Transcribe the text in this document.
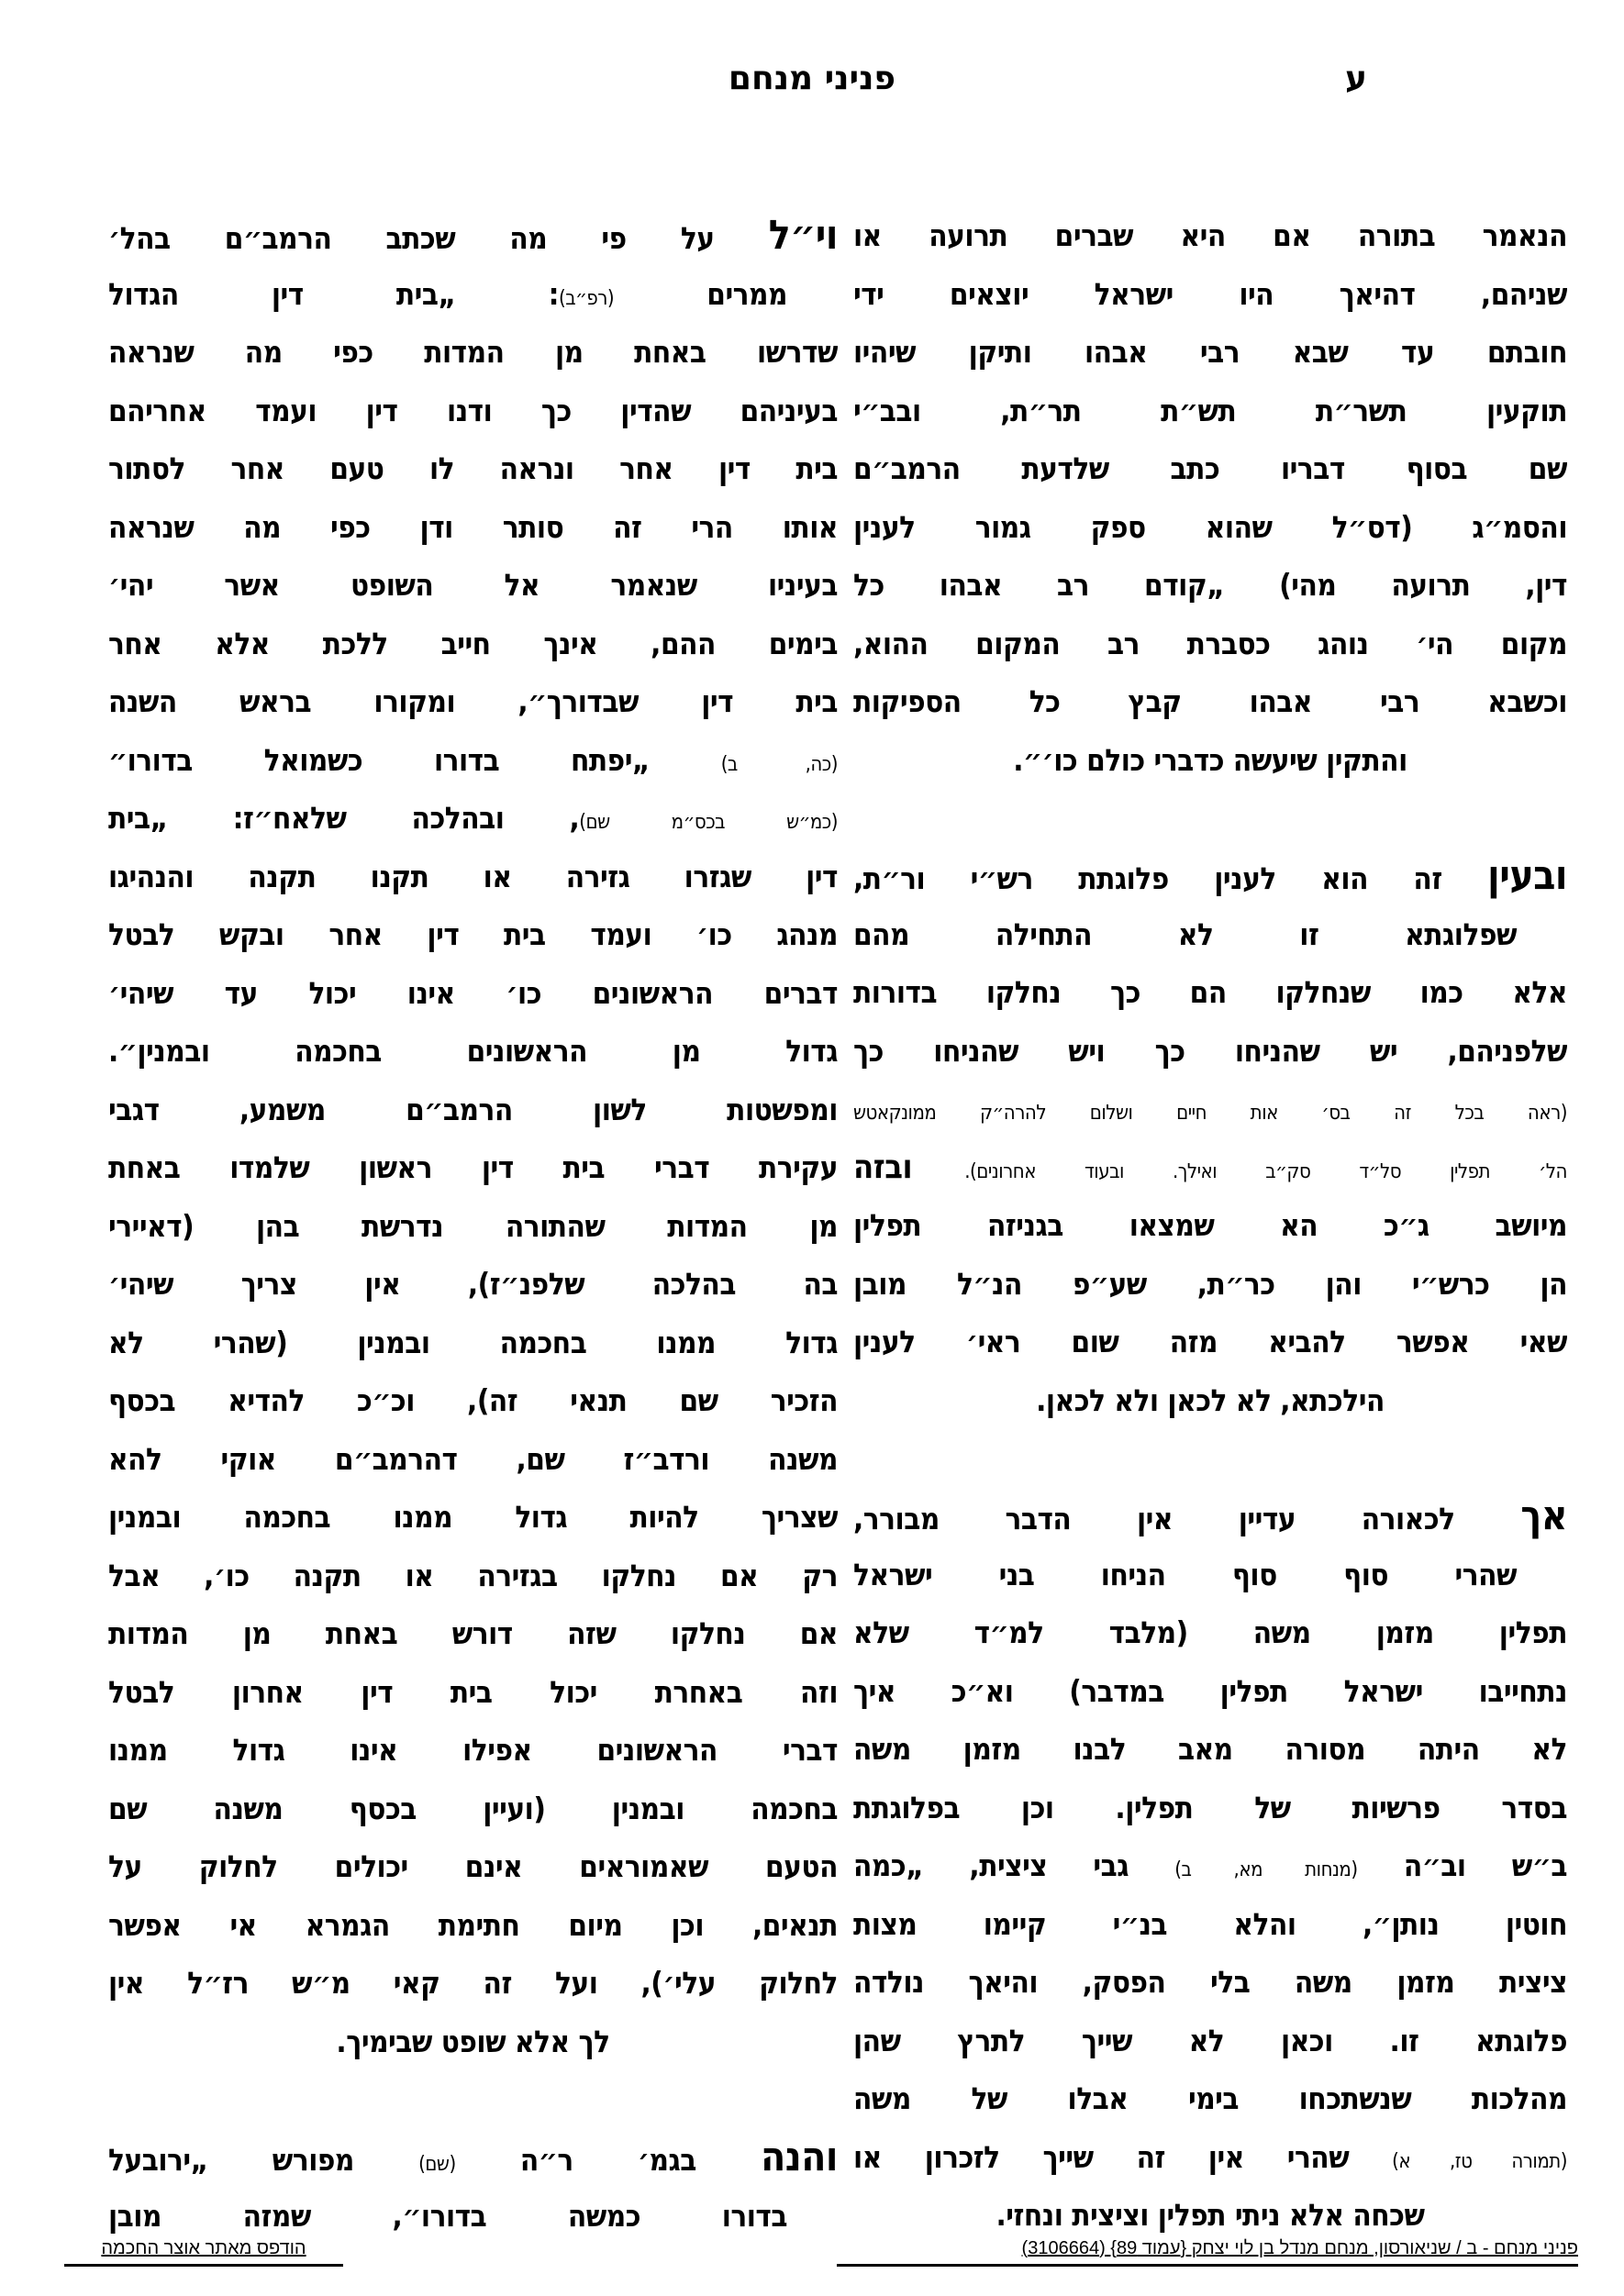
פניני מנחם	ע
הנאמר בתורה אם היא שברים תרועה או
שניהם, דהיאך היו ישראל יוצאים ידי
חובתם עד שבא רבי אבהו ותיקן שיהיו
תוקעין תשר״ת תש״ת תר״ת, ובב״י
שם בסוף דבריו כתב שלדעת הרמב״ם
והסמ״ג (דס״ל שהוא ספק גמור לענין
דין, תרועה מהי) „קודם רב אבהו כל
מקום הי׳ נוהג כסברת רב המקום ההוא,
וכשבא רבי אבהו קבץ כל הספיקות
והתקין שיעשה כדברי כולם כו׳״.
ובעין זה הוא לענין פלוגתת רש״י ור״ת,
שפלוגתא זו לא התחילה מהם
אלא כמו שנחלקו הם כך נחלקו בדורות
שלפניהם, יש שהניחו כך ויש שהניחו כך
(ראה בכל זה בס׳ אות חיים ושלום להרה״ק ממונקאטש
הל׳ תפלין סל״ד סק״ב ואילך. ובעוד אחרונים). ובזה
מיושב ג״כ הא שמצאו בגניזה תפלין
הן כרש״י והן כר״ת, שע״פ הנ״ל מובן
שאי אפשר להביא מזה שום ראי׳ לענין
הילכתא, לא לכאן ולא לכאן.
אך לכאורה עדיין אין הדבר מבורר,
שהרי סוף סוף הניחו בני ישראל
תפלין מזמן משה (מלבד למ״ד שלא
נתחייבו ישראל תפלין במדבר) וא״כ איך
לא היתה מסורה מאב לבנו מזמן משה
בסדר פרשיות של תפלין. וכן בפלוגתת
ב״ש וב״ה (מנחות מא, ב) גבי ציצית, „כמה
חוטין נותן״, והלא בנ״י קיימו מצות
ציצית מזמן משה בלי הפסק, והיאך נולדה
פלוגתא זו. וכאן לא שייך לתרץ שהן
מהלכות שנשתכחו בימי אבלו של משה
(תמורה טז, א) שהרי אין זה שייך לזכרון או
שכחה אלא ניתי תפלין וציצית ונחזי.
וי״ל על פי מה שכתב הרמב״ם בהל׳
ממרים (רפ״ב): „בית דין הגדול
שדרשו באחת מן המדות כפי מה שנראה
בעיניהם שהדין כך ודנו דין ועמד אחריהם
בית דין אחר ונראה לו טעם אחר לסתור
אותו הרי זה סותר ודן כפי מה שנראה
בעיניו שנאמר אל השופט אשר יהי׳
בימים ההם, אינך חייב ללכת אלא אחר
בית דין שבדורך״, ומקורו בראש השנה
(כה, ב) „יפתח בדורו כשמואל בדורו״
(כמ״ש בכס״מ שם), ובהלכה שלאח״ז: „בית
דין שגזרו גזירה או תקנו תקנה והנהיגו
מנהג כו׳ ועמד בית דין אחר ובקש לבטל
דברים הראשונים כו׳ אינו יכול עד שיהי׳
גדול מן הראשונים בחכמה ובמנין״.
ומפשטות לשון הרמב״ם משמע, דגבי
עקירת דברי בית דין ראשון שלמדו באחת
מן המדות שהתורה נדרשת בהן (דאיירי
בה בהלכה שלפנ״ז), אין צריך שיהי׳
גדול ממנו בחכמה ובמנין (שהרי לא
הזכיר שם תנאי זה), וכ״כ להדיא בכסף
משנה ורדב״ז שם, דהרמב״ם אוקי להא
שצריך להיות גדול ממנו בחכמה ובמנין
רק אם נחלקו בגזירה או תקנה כו׳, אבל
אם נחלקו שזה דורש באחת מן המדות
וזה באחרת יכול בית דין אחרון לבטל
דברי הראשונים אפילו אינו גדול ממנו
בחכמה ובמנין (ועיין בכסף משנה שם
הטעם שאמוראים אינם יכולים לחלוק על
תנאים, וכן מיום חתימת הגמרא אי אפשר
לחלוק עלי׳), ועל זה קאי מ״ש רז״ל אין
לך אלא שופט שבימיך.
והנה בגמ׳ ר״ה (שם) מפורש „ירובעל
בדורו כמשה בדורו״, שמזה מובן
פניני מנחם - ב / שניאורסון, מנחם מנדל בן לוי יצחק {עמוד 89} (3106664)
הודפס מאתר אוצר החכמה
